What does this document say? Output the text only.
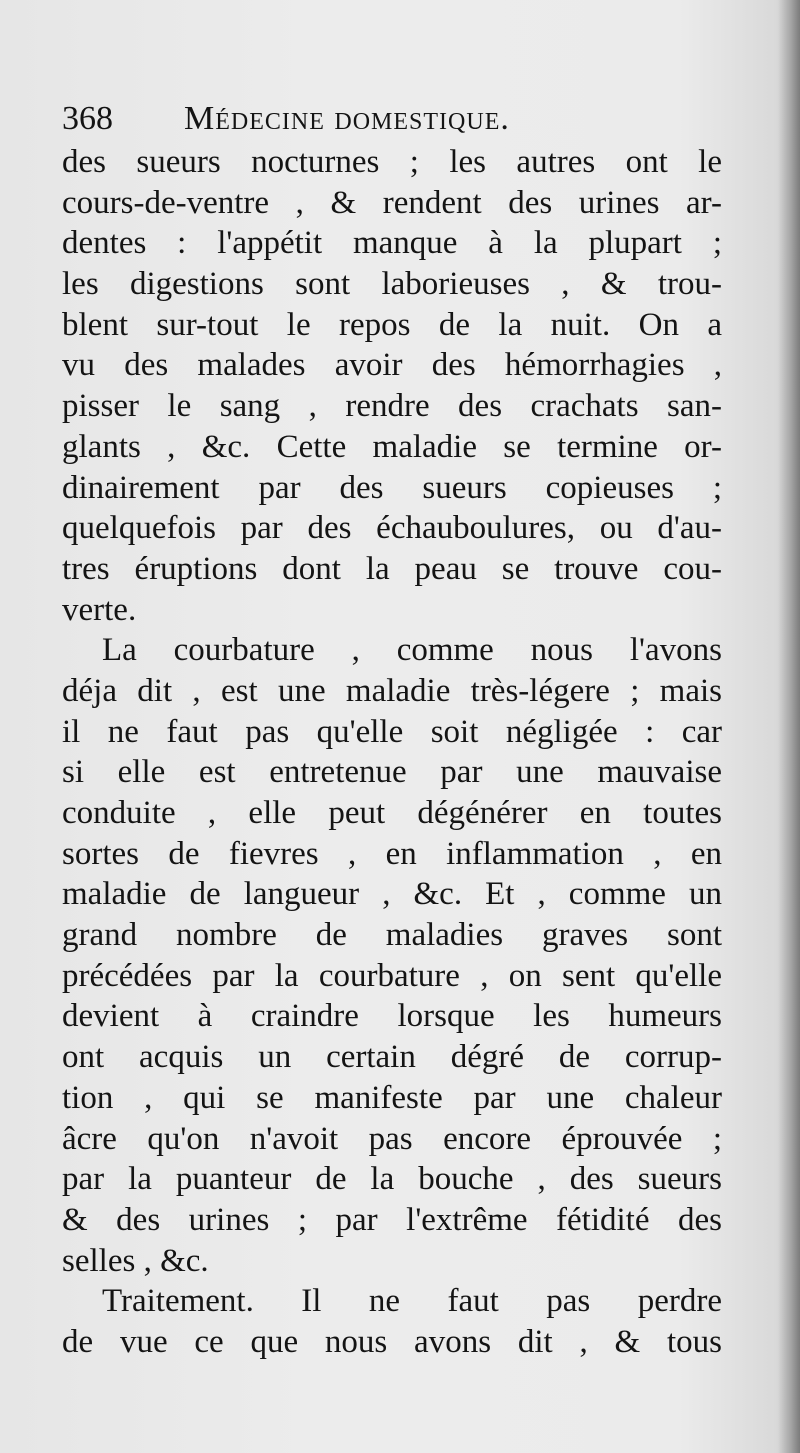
368 Médecine domestique.
des sueurs nocturnes ; les autres ont le
cours-de-ventre , & rendent des urines ar-
dentes : l'appétit manque à la plupart ;
les digestions sont laborieuses , & trou-
blent sur-tout le repos de la nuit. On a
vu des malades avoir des hémorrhagies ,
pisser le sang , rendre des crachats san-
glants , &c. Cette maladie se termine or-
dinairement par des sueurs copieuses ;
quelquefois par des échauboulures, ou d'au-
tres éruptions dont la peau se trouve cou-
verte.
La courbature , comme nous l'avons
déja dit , est une maladie très-légere ; mais
il ne faut pas qu'elle soit négligée : car
si elle est entretenue par une mauvaise
conduite , elle peut dégénérer en toutes
sortes de fievres , en inflammation , en
maladie de langueur , &c. Et , comme un
grand nombre de maladies graves sont
précédées par la courbature , on sent qu'elle
devient à craindre lorsque les humeurs
ont acquis un certain dégré de corrup-
tion , qui se manifeste par une chaleur
âcre qu'on n'avoit pas encore éprouvée ;
par la puanteur de la bouche , des sueurs
& des urines ; par l'extrême fétidité des
selles , &c.
Traitement. Il ne faut pas perdre
de vue ce que nous avons dit , & tous
